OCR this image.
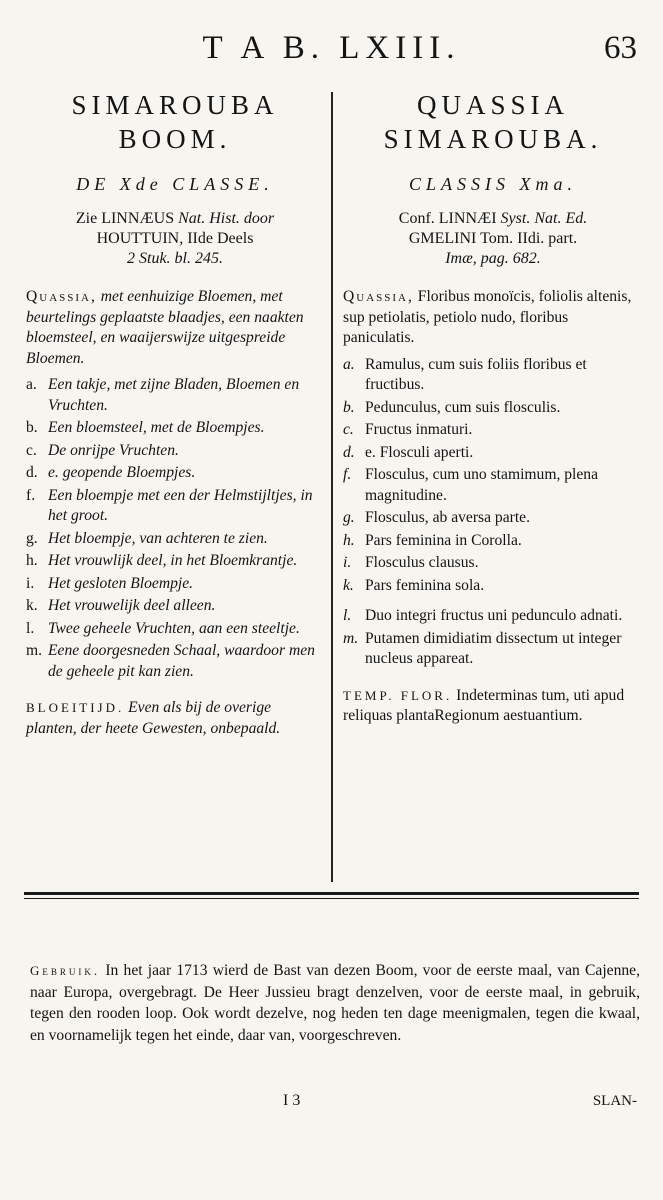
T A B. LXIII.	63
SIMAROUBA
BOOM.
DE Xde CLASSE.
Zie LINNÆUS Nat. Hist. door
HOUTTUIN, IIde Deels
2 Stuk. bl. 245.
Quassia, met eenhuizige Bloemen, met beurtelings geplaatste blaadjes, een naakten bloemsteel, en waaijerswijze uitgespreide Bloemen.
a. Een takje, met zijne Bladen, Bloemen en Vruchten.
b. Een bloemsteel, met de Bloempjes.
c. De onrijpe Vruchten.
d. e. geopende Bloempjes.
f. Een bloempje met een der Helmstijltjes, in het groot.
g. Het bloempje, van achteren te zien.
h. Het vrouwlijk deel, in het Bloemkrantje.
i. Het gesloten Bloempje.
k. Het vrouwelijk deel alleen.
l. Twee geheele Vruchten, aan een steeltje.
m. Eene doorgesneden Schaal, waardoor men de geheele pit kan zien.
BLOEITIJD. Even als bij de overige planten, der heete Gewesten, onbepaald.
QUASSIA
SIMAROUBA.
CLASSIS Xma.
Conf. LINNÆI Syst. Nat. Ed.
GMELINI Tom. IIdi. part.
Imæ, pag. 682.
Quassia, Floribus monoïcis, foliolis altenis, sup petiolatis, petiolo nudo, floribus paniculatis.
a. Ramulus, cum suis foliis floribus et fructibus.
b. Pedunculus, cum suis flosculis.
c. Fructus inmaturi.
d. e. Flosculi aperti.
f. Flosculus, cum uno stamimum, plena magnitudine.
g. Flosculus, ab aversa parte.
h. Pars feminina in Corolla.
i. Flosculus clausus.
k. Pars feminina sola.
l. Duo integri fructus uni pedunculo adnati.
m. Putamen dimidiatim dissectum ut integer nucleus appareat.
TEMP. FLOR. Indeterminas tum, uti apud reliquas plantaRegionum aestuantium.
Gebruik. In het jaar 1713 wierd de Bast van dezen Boom, voor de eerste maal, van Cajenne, naar Europa, overgebragt. De Heer Jussieu bragt denzelven, voor de eerste maal, in gebruik, tegen den rooden loop. Ook wordt dezelve, nog heden ten dage meenigmalen, tegen die kwaal, en voornamelijk tegen het einde, daar van, voorgeschreven.
I 3	SLAN-
